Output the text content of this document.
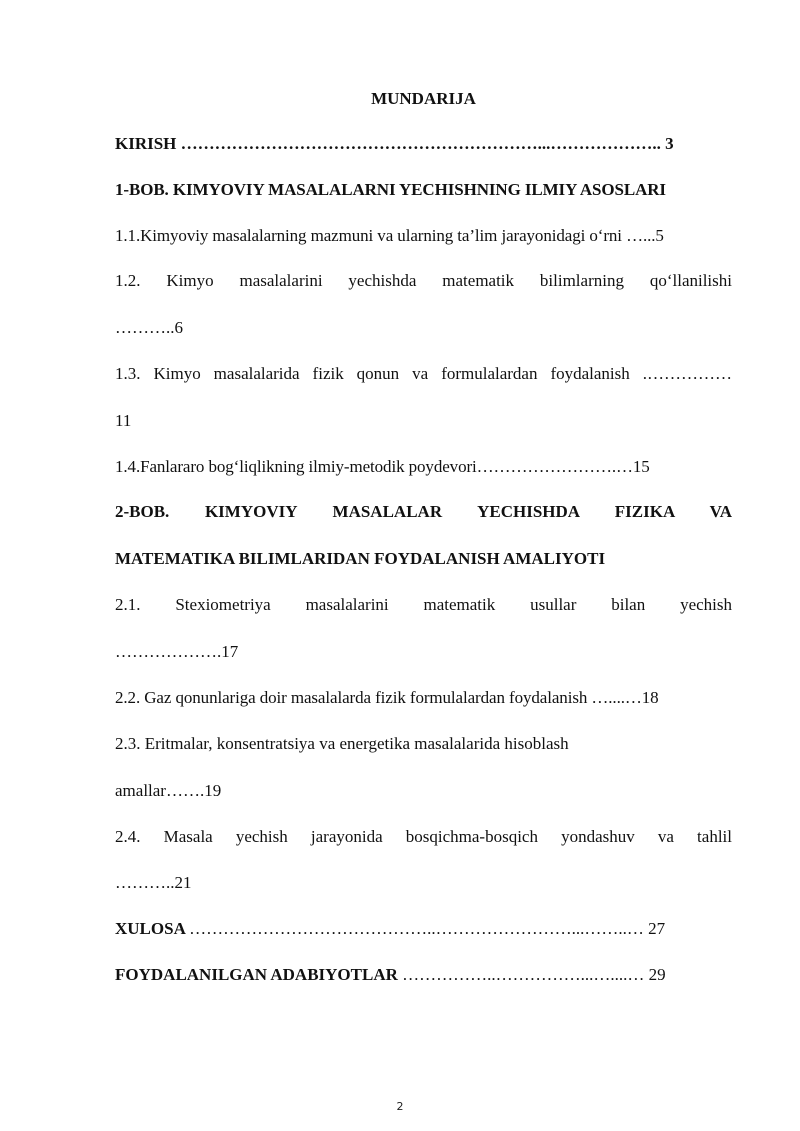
MUNDARIJA
KIRISH ………………………………………………………...……………….. 3
1-BOB. KIMYOVIY MASALALARNI YECHISHNING ILMIY ASOSLARI
1.1.Kimyoviy masalalarning mazmuni va ularning ta’lim jarayonidagi o‘rni …...5
1.2. Kimyo masalalarini yechishda matematik bilimlarning qo‘llanilishi
………..6
1.3. Kimyo masalalarida fizik qonun va formulalardan foydalanish .……………
11
1.4.Fanlararo bog‘liqlikning ilmiy-metodik poydevori…………………….…15
2-BOB. KIMYOVIY MASALALAR YECHISHDA FIZIKA VA
MATEMATIKA BILIMLARIDAN FOYDALANISH AMALIYOTI
2.1. Stexiometriya masalalarini matematik usullar bilan yechish
……………….17
2.2. Gaz qonunlariga doir masalalarda fizik formulalardan foydalanish …....…18
2.3. Eritmalar, konsentratsiya va energetika masalalarida hisoblash
amallar…….19
2.4. Masala yechish jarayonida bosqichma-bosqich yondashuv va tahlil
………..21
XULOSA ……………………………………..……………………...……..… 27
FOYDALANILGAN ADABIYOTLAR ……………..……………...…....… 29
2
